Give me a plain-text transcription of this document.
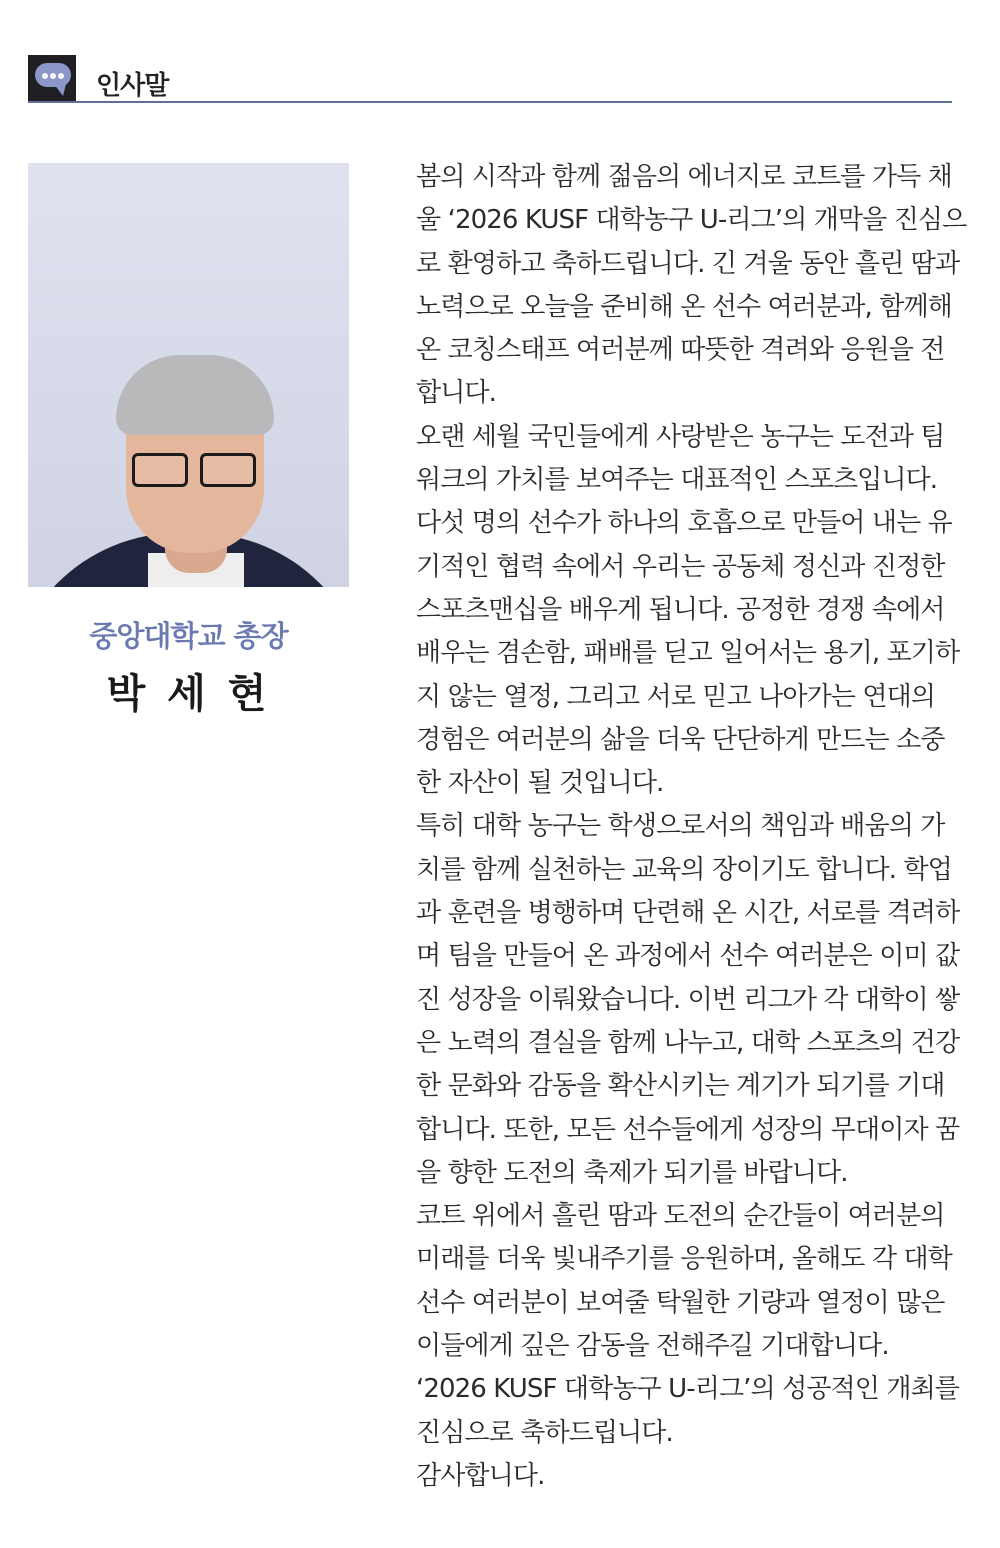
인사말
중앙대학교 총장
박 세 현
봄의 시작과 함께 젊음의 에너지로 코트를 가득 채
울 ‘2026 KUSF 대학농구 U-리그’의 개막을 진심으
로 환영하고 축하드립니다. 긴 겨울 동안 흘린 땀과
노력으로 오늘을 준비해 온 선수 여러분과, 함께해
온 코칭스태프 여러분께 따뜻한 격려와 응원을 전
합니다.
오랜 세월 국민들에게 사랑받은 농구는 도전과 팀
워크의 가치를 보여주는 대표적인 스포츠입니다.
다섯 명의 선수가 하나의 호흡으로 만들어 내는 유
기적인 협력 속에서 우리는 공동체 정신과 진정한
스포츠맨십을 배우게 됩니다. 공정한 경쟁 속에서
배우는 겸손함, 패배를 딛고 일어서는 용기, 포기하
지 않는 열정, 그리고 서로 믿고 나아가는 연대의
경험은 여러분의 삶을 더욱 단단하게 만드는 소중
한 자산이 될 것입니다.
특히 대학 농구는 학생으로서의 책임과 배움의 가
치를 함께 실천하는 교육의 장이기도 합니다. 학업
과 훈련을 병행하며 단련해 온 시간, 서로를 격려하
며 팀을 만들어 온 과정에서 선수 여러분은 이미 값
진 성장을 이뤄왔습니다. 이번 리그가 각 대학이 쌓
은 노력의 결실을 함께 나누고, 대학 스포츠의 건강
한 문화와 감동을 확산시키는 계기가 되기를 기대
합니다. 또한, 모든 선수들에게 성장의 무대이자 꿈
을 향한 도전의 축제가 되기를 바랍니다.
코트 위에서 흘린 땀과 도전의 순간들이 여러분의
미래를 더욱 빛내주기를 응원하며, 올해도 각 대학
선수 여러분이 보여줄 탁월한 기량과 열정이 많은
이들에게 깊은 감동을 전해주길 기대합니다.
‘2026 KUSF 대학농구 U-리그’의 성공적인 개최를
진심으로 축하드립니다.
감사합니다.
